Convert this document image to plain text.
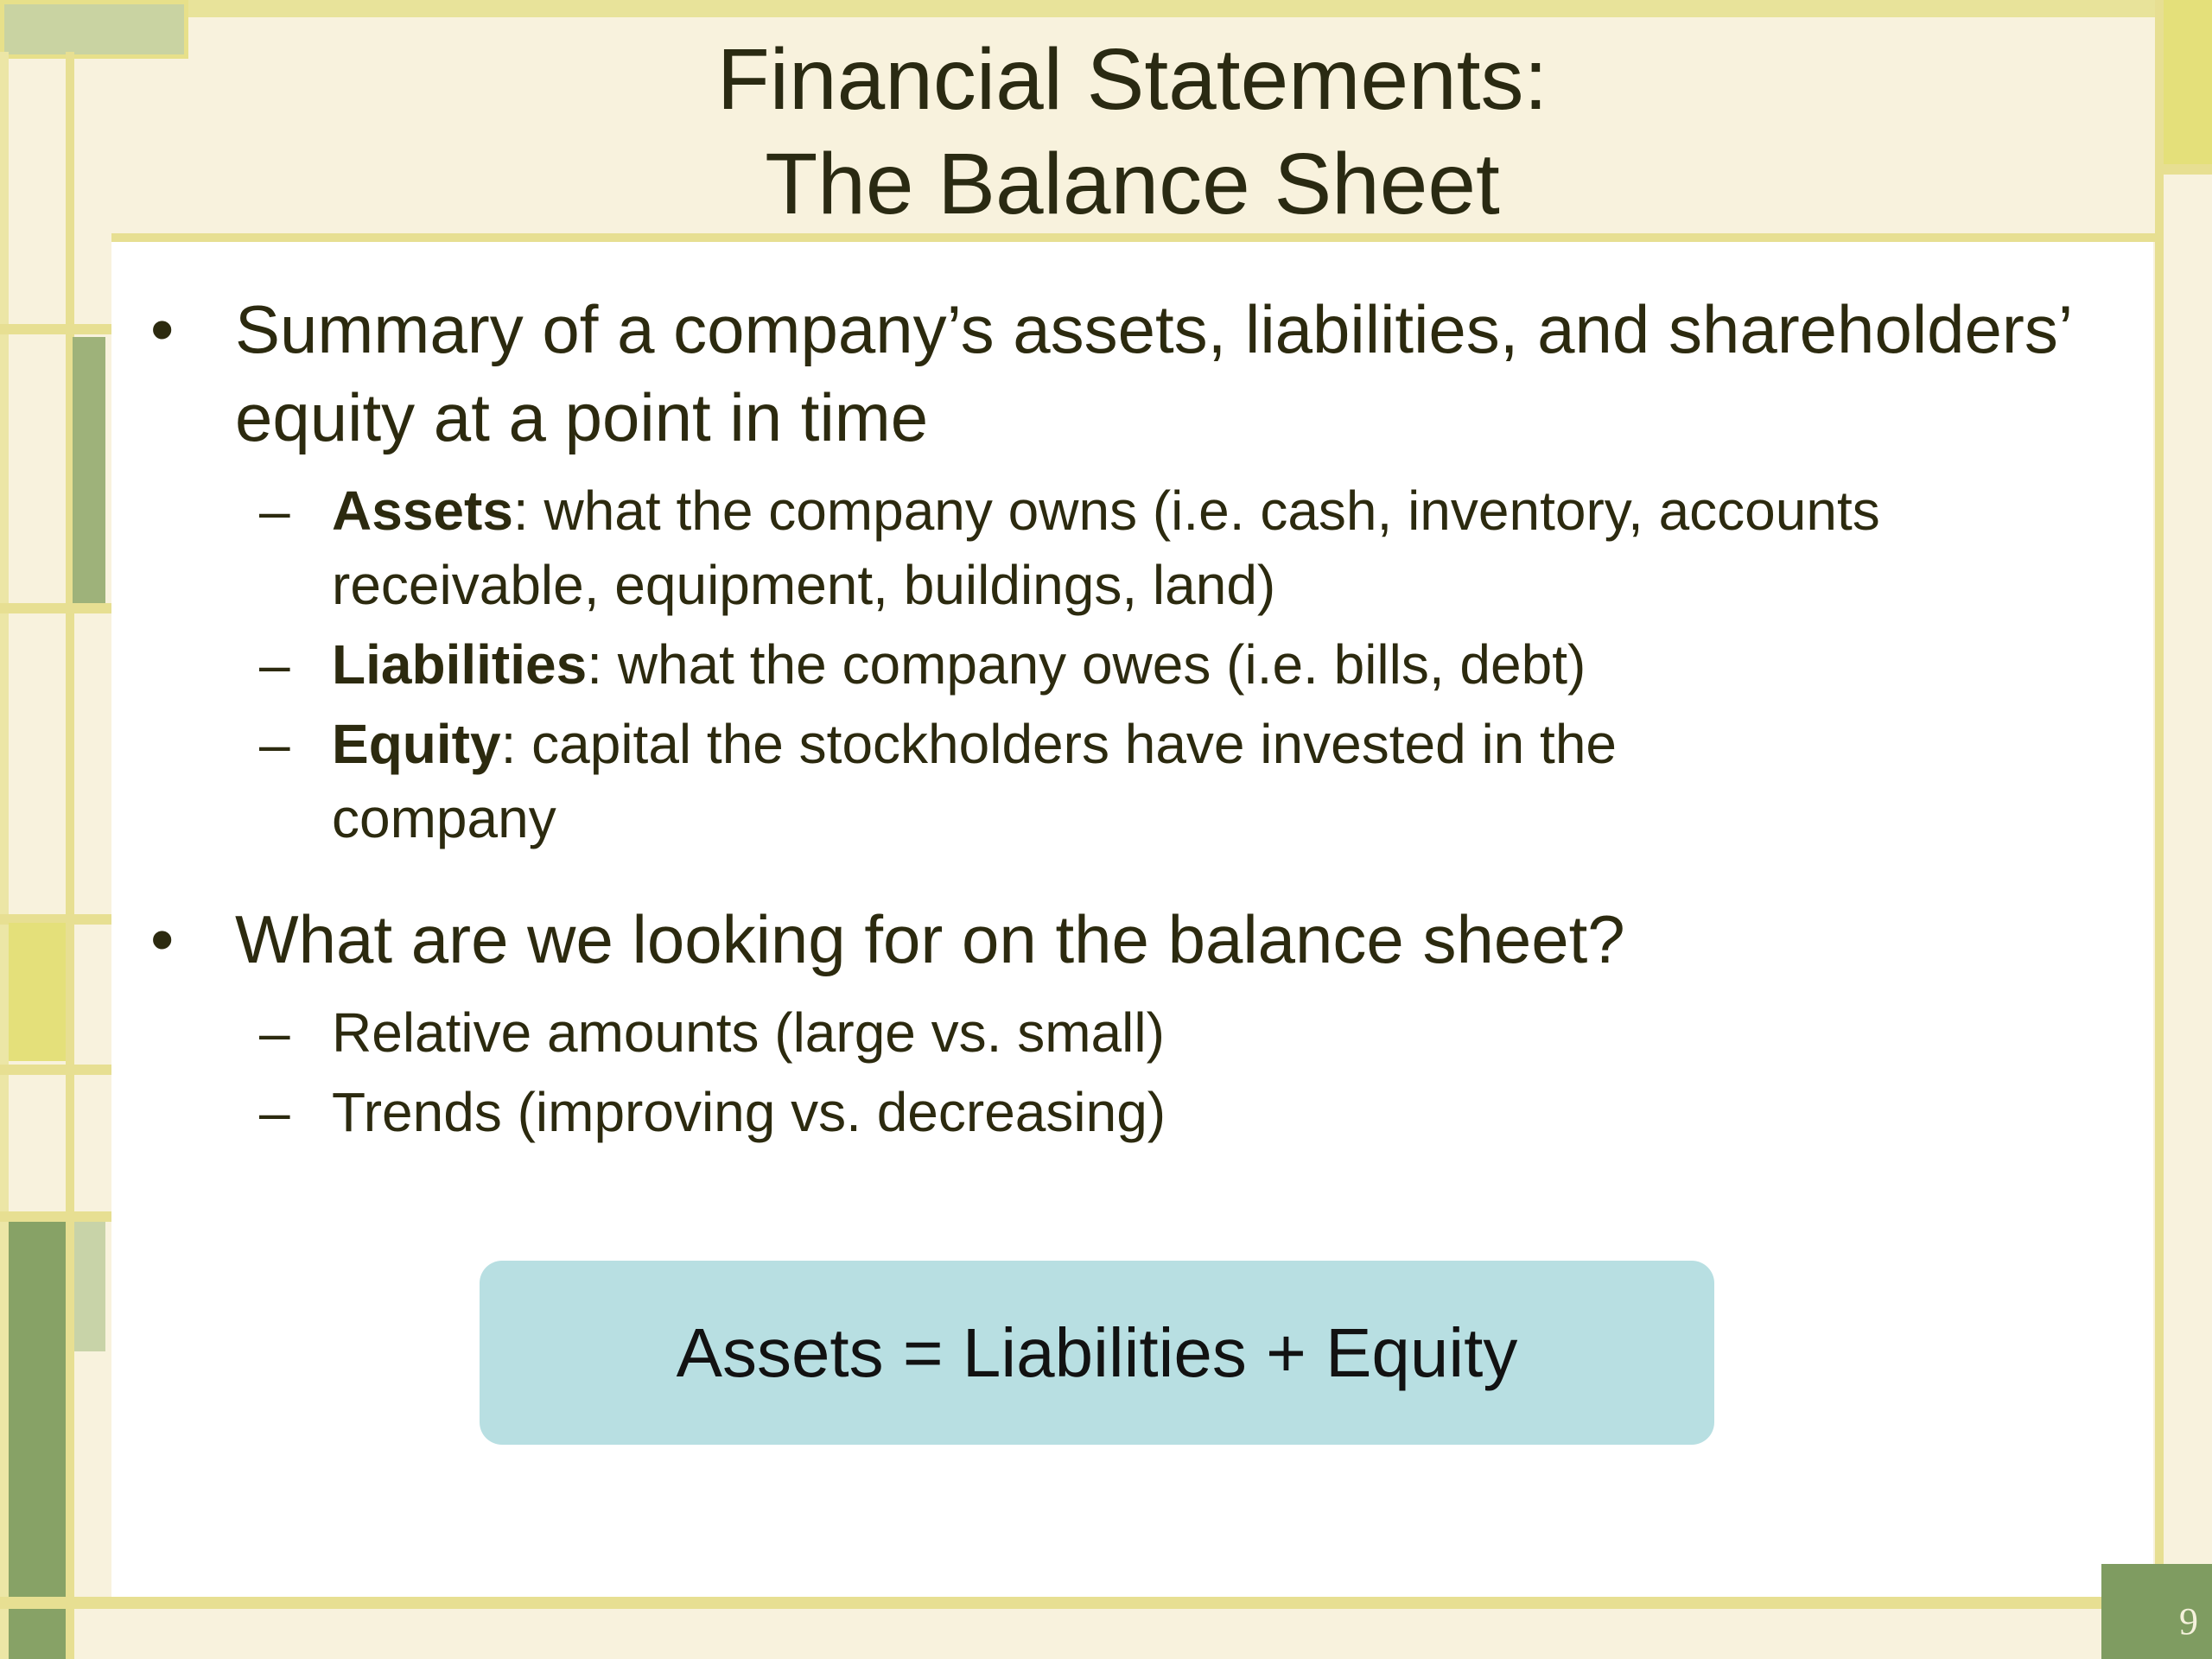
Financial Statements:
The Balance Sheet
• Summary of a company’s assets, liabilities, and shareholders’ equity at a point in time
– Assets: what the company owns (i.e. cash, inventory, accounts receivable, equipment, buildings, land)
– Liabilities: what the company owes (i.e. bills, debt)
– Equity: capital the stockholders have invested in the company
• What are we looking for on the balance sheet?
– Relative amounts (large vs. small)
– Trends (improving vs. decreasing)
Assets = Liabilities + Equity
9
